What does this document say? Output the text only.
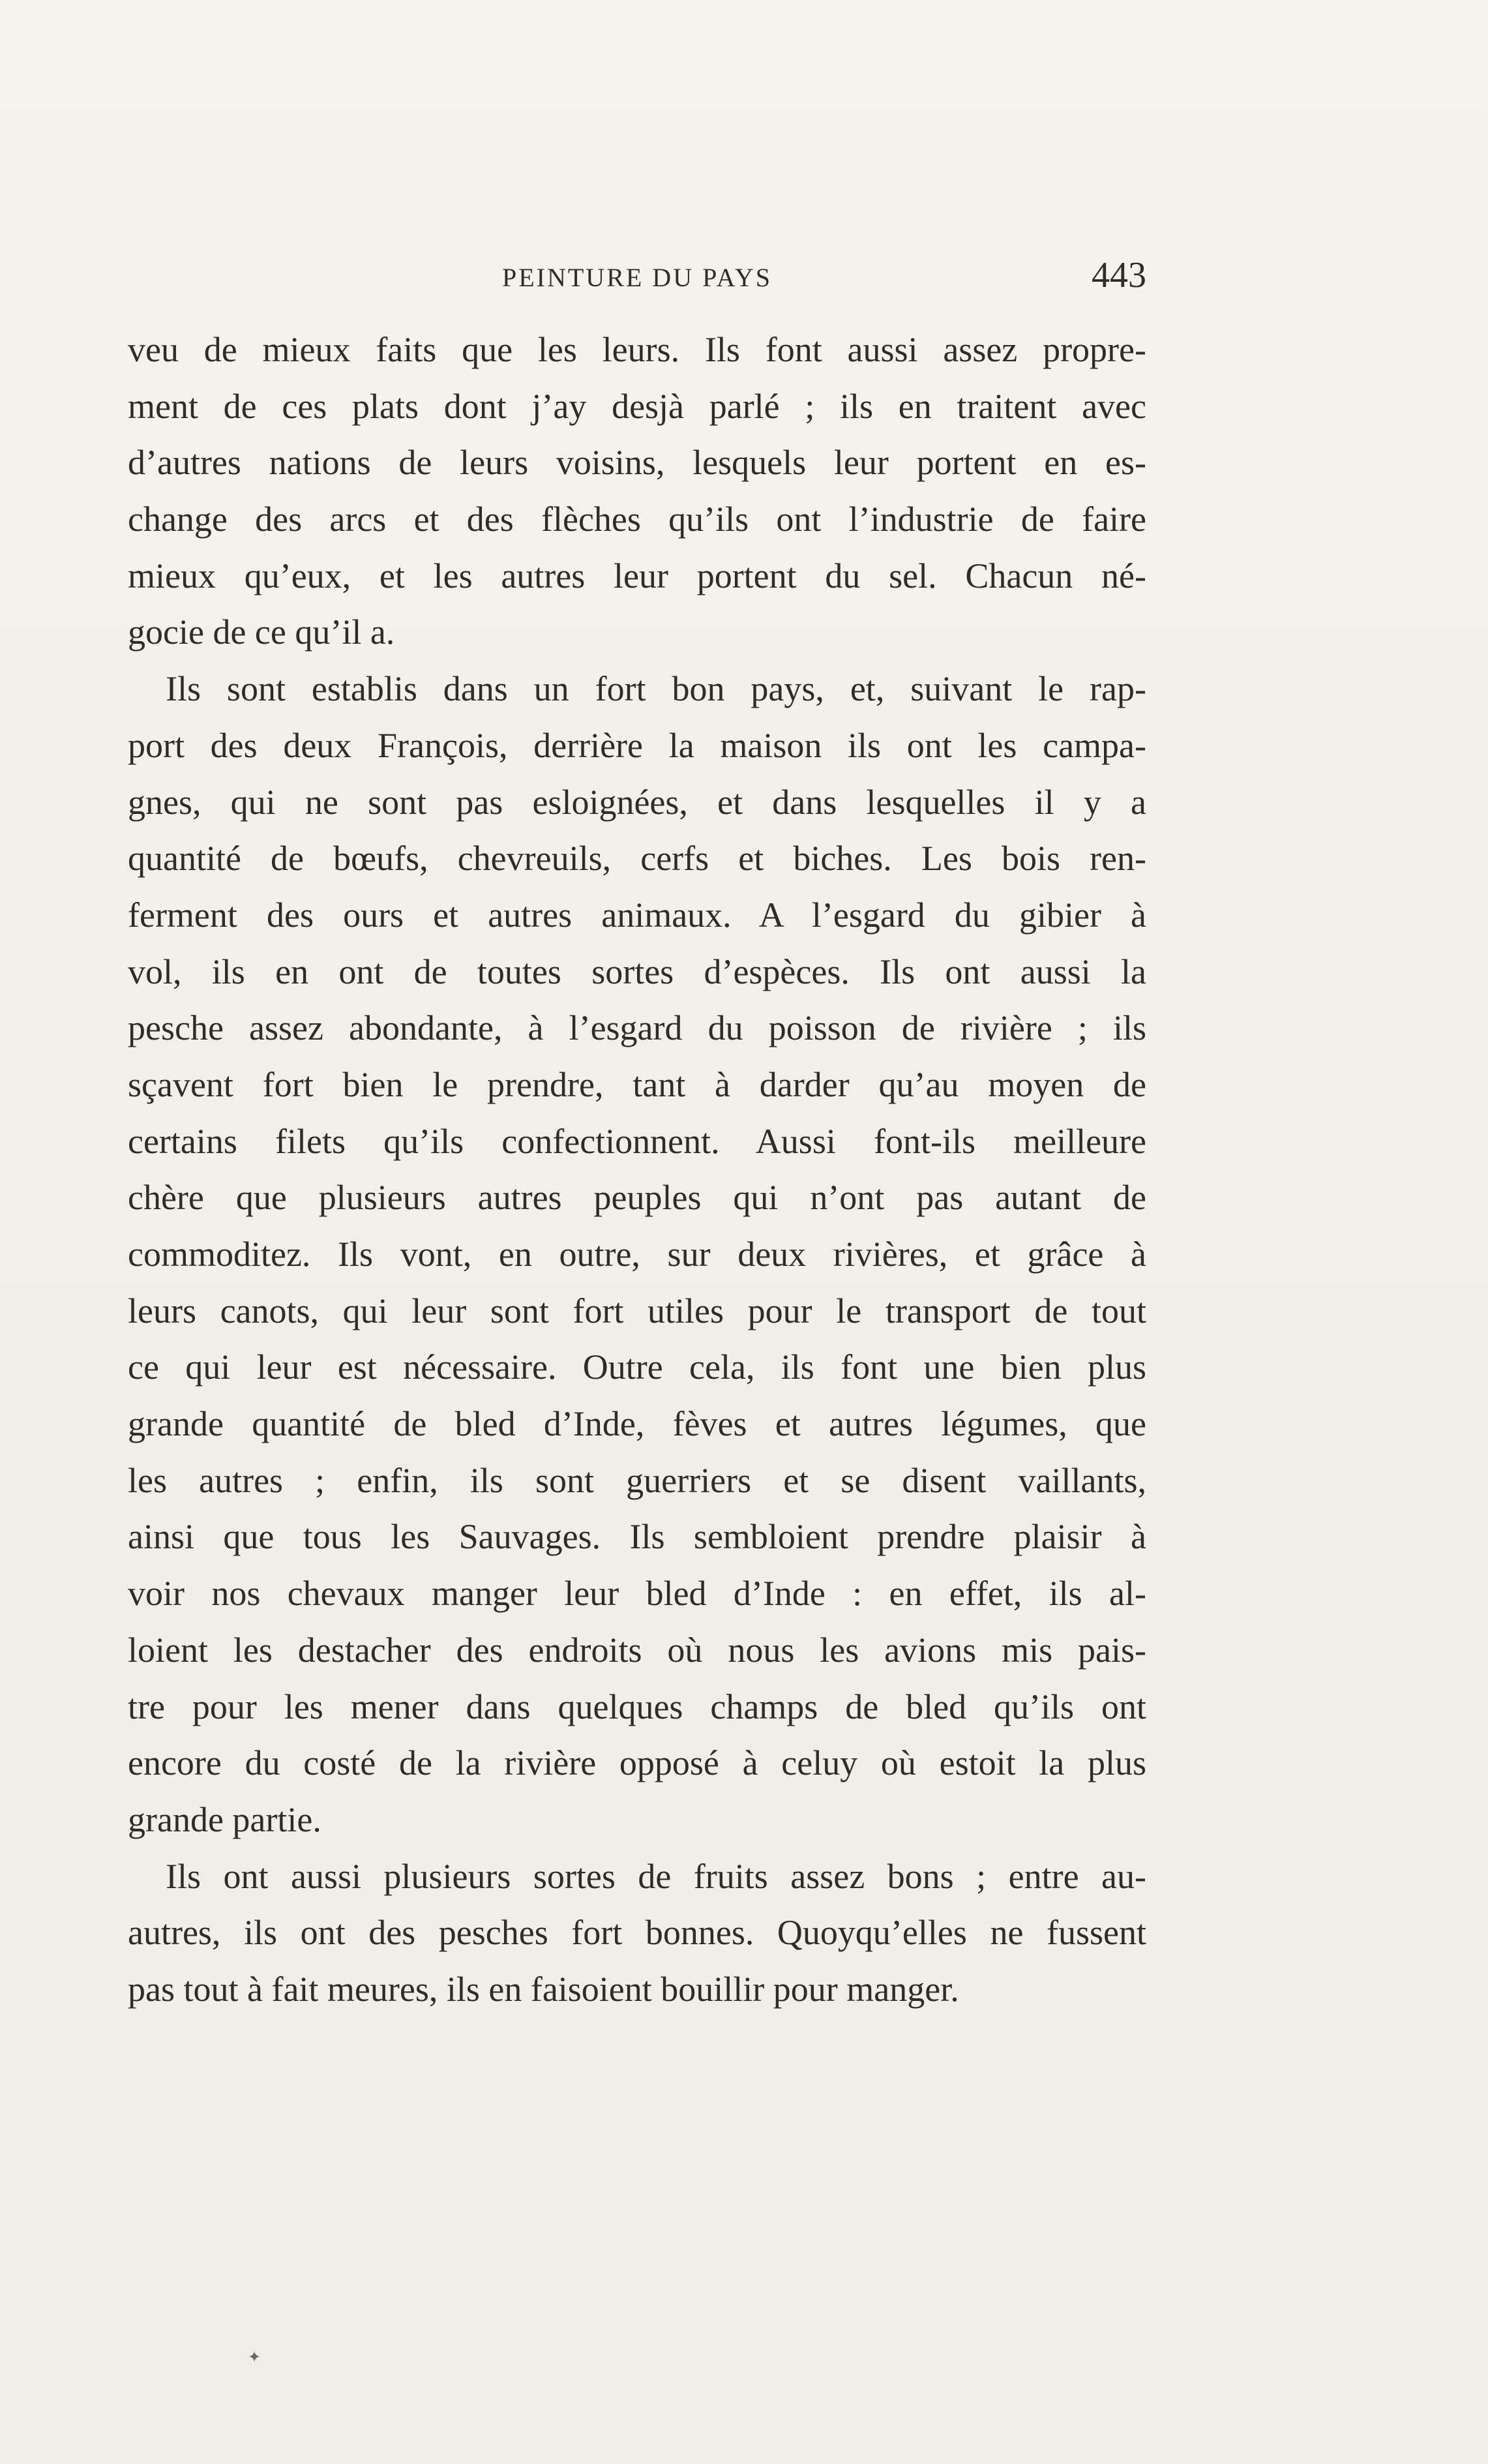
PEINTURE DU PAYS	443
veu de mieux faits que les leurs. Ils font aussi assez propre-
ment de ces plats dont j’ay desjà parlé ; ils en traitent avec
d’autres nations de leurs voisins, lesquels leur portent en es-
change des arcs et des flèches qu’ils ont l’industrie de faire
mieux qu’eux, et les autres leur portent du sel. Chacun né-
gocie de ce qu’il a.
Ils sont establis dans un fort bon pays, et, suivant le rap-
port des deux François, derrière la maison ils ont les campa-
gnes, qui ne sont pas esloignées, et dans lesquelles il y a
quantité de bœufs, chevreuils, cerfs et biches. Les bois ren-
ferment des ours et autres animaux. A l’esgard du gibier à
vol, ils en ont de toutes sortes d’espèces. Ils ont aussi la
pesche assez abondante, à l’esgard du poisson de rivière ; ils
sçavent fort bien le prendre, tant à darder qu’au moyen de
certains filets qu’ils confectionnent. Aussi font-ils meilleure
chère que plusieurs autres peuples qui n’ont pas autant de
commoditez. Ils vont, en outre, sur deux rivières, et grâce à
leurs canots, qui leur sont fort utiles pour le transport de tout
ce qui leur est nécessaire. Outre cela, ils font une bien plus
grande quantité de bled d’Inde, fèves et autres légumes, que
les autres ; enfin, ils sont guerriers et se disent vaillants,
ainsi que tous les Sauvages. Ils sembloient prendre plaisir à
voir nos chevaux manger leur bled d’Inde : en effet, ils al-
loient les destacher des endroits où nous les avions mis pais-
tre pour les mener dans quelques champs de bled qu’ils ont
encore du costé de la rivière opposé à celuy où estoit la plus
grande partie.
Ils ont aussi plusieurs sortes de fruits assez bons ; entre au-
autres, ils ont des pesches fort bonnes. Quoyqu’elles ne fussent
pas tout à fait meures, ils en faisoient bouillir pour manger.
✦
